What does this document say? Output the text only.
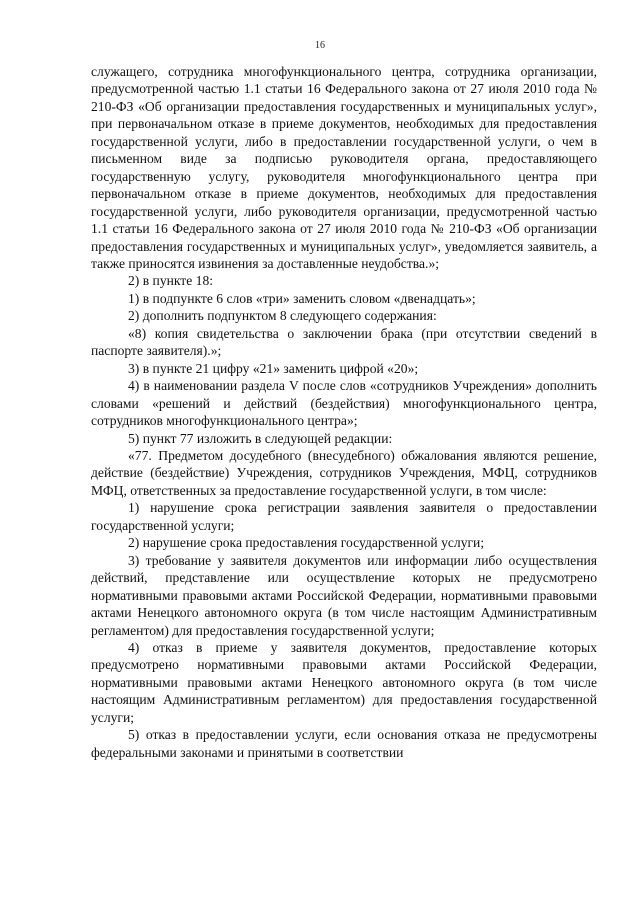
16

служащего, сотрудника многофункционального центра, сотрудника организации, предусмотренной частью 1.1 статьи 16 Федерального закона от 27 июля 2010 года № 210-ФЗ «Об организации предоставления государственных и муниципальных услуг», при первоначальном отказе в приеме документов, необходимых для предоставления государственной услуги, либо в предоставлении государственной услуги, о чем в письменном виде за подписью руководителя органа, предоставляющего государственную услугу, руководителя многофункционального центра при первоначальном отказе в приеме документов, необходимых для предоставления государственной услуги, либо руководителя организации, предусмотренной частью 1.1 статьи 16 Федерального закона от 27 июля 2010 года № 210-ФЗ «Об организации предоставления государственных и муниципальных услуг», уведомляется заявитель, а также приносятся извинения за доставленные неудобства.»;

2) в пункте 18:

1) в подпункте 6 слов «три» заменить словом «двенадцать»;

2) дополнить подпунктом 8 следующего содержания:

«8) копия свидетельства о заключении брака (при отсутствии сведений в паспорте заявителя).»;

3) в пункте 21 цифру «21» заменить цифрой «20»;

4) в наименовании раздела V после слов «сотрудников Учреждения» дополнить словами «решений и действий (бездействия) многофункционального центра, сотрудников многофункционального центра»;

5) пункт 77 изложить в следующей редакции:

«77. Предметом досудебного (внесудебного) обжалования являются решение, действие (бездействие) Учреждения, сотрудников Учреждения, МФЦ, сотрудников МФЦ, ответственных за предоставление государственной услуги, в том числе:

1) нарушение срока регистрации заявления заявителя о предоставлении государственной услуги;

2) нарушение срока предоставления государственной услуги;

3) требование у заявителя документов или информации либо осуществления действий, представление или осуществление которых не предусмотрено нормативными правовыми актами Российской Федерации, нормативными правовыми актами Ненецкого автономного округа (в том числе настоящим Административным регламентом) для предоставления государственной услуги;

4) отказ в приеме у заявителя документов, предоставление которых предусмотрено нормативными правовыми актами Российской Федерации, нормативными правовыми актами Ненецкого автономного округа (в том числе настоящим Административным регламентом) для предоставления государственной услуги;

5) отказ в предоставлении услуги, если основания отказа не предусмотрены федеральными законами и принятыми в соответствии
